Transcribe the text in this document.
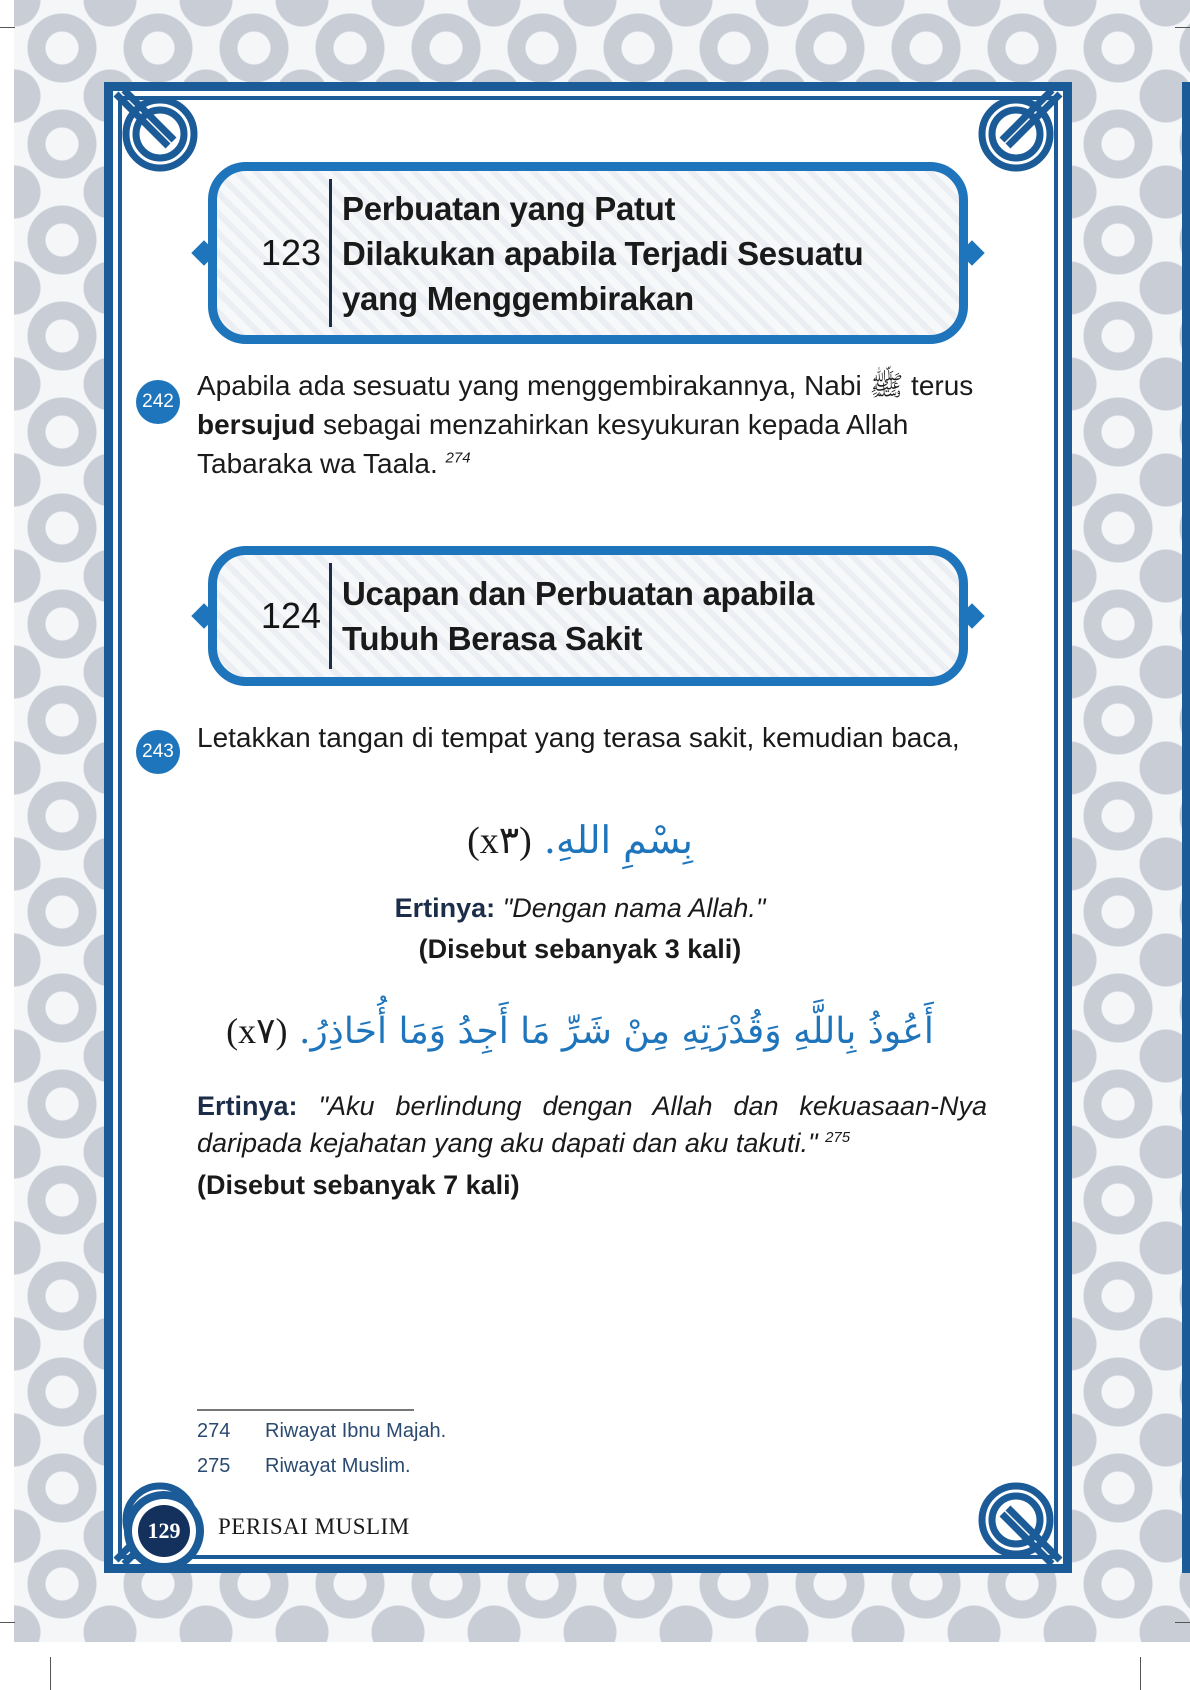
123
Perbuatan yang Patut
Dilakukan apabila Terjadi Sesuatu
yang Menggembirakan
242
Apabila ada sesuatu yang menggembirakannya, Nabi ﷺ terus bersujud sebagai menzahirkan kesyukuran kepada Allah Tabaraka wa Taala. $^{274}$
124
Ucapan dan Perbuatan apabila
Tubuh Berasa Sakit
243 Letakkan tangan di tempat yang terasa sakit, kemudian baca,
بِسْمِ اللهِ. (x٣)
Ertinya: "Dengan nama Allah."
(Disebut sebanyak 3 kali)
أَعُوذُ بِاللَّهِ وَقُدْرَتِهِ مِنْ شَرِّ مَا أَجِدُ وَمَا أُحَاذِرُ. (x٧)
Ertinya: "Aku berlindung dengan Allah dan kekuasaan-Nya daripada kejahatan yang aku dapati dan aku takuti." $^{275}$
(Disebut sebanyak 7 kali)
274 Riwayat Ibnu Majah.
275 Riwayat Muslim.
129	PERISAI MUSLIM
